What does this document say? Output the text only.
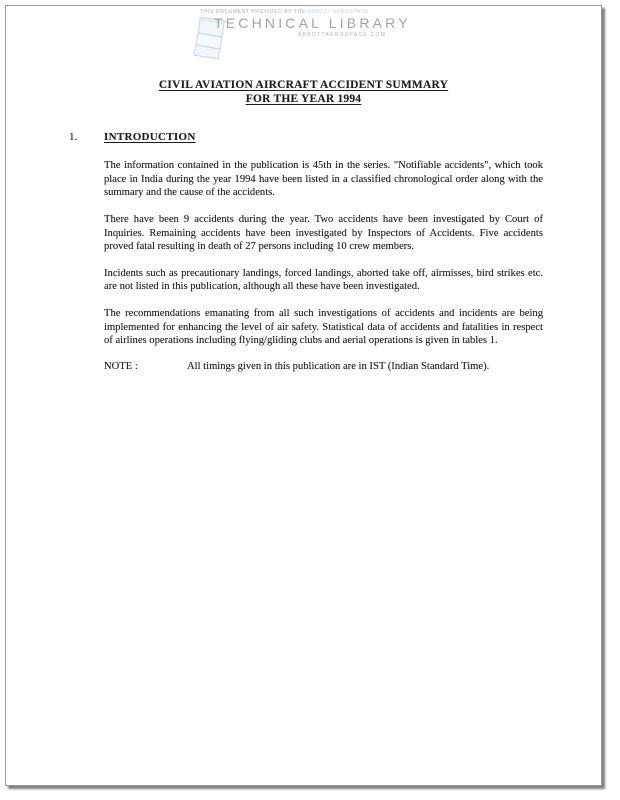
THIS DOCUMENT PROVIDED BY THE ABBOTT AEROSPACE
TECHNICAL LIBRARY
ABBOTTAEROSPACE.COM
CIVIL AVIATION AIRCRAFT ACCIDENT SUMMARY
FOR THE YEAR 1994
1.	INTRODUCTION

The information contained in the publication is 45th in the series. "Notifiable accidents", which took place in India during the year 1994 have been listed in a classified chronological order along with the summary and the cause of the accidents.

There have been 9 accidents during the year. Two accidents have been investigated by Court of Inquiries. Remaining accidents have been investigated by Inspectors of Accidents. Five accidents proved fatal resulting in death of 27 persons including 10 crew members.

Incidents such as precautionary landings, forced landings, aborted take off, airmisses, bird strikes etc. are not listed in this publication, although all these have been investigated.

The recommendations emanating from all such investigations of accidents and incidents are being implemented for enhancing the level of air safety. Statistical data of accidents and fatalities in respect of airlines operations including flying/gliding clubs and aerial operations is given in tables 1.

NOTE :	All timings given in this publication are in IST (Indian Standard Time).
